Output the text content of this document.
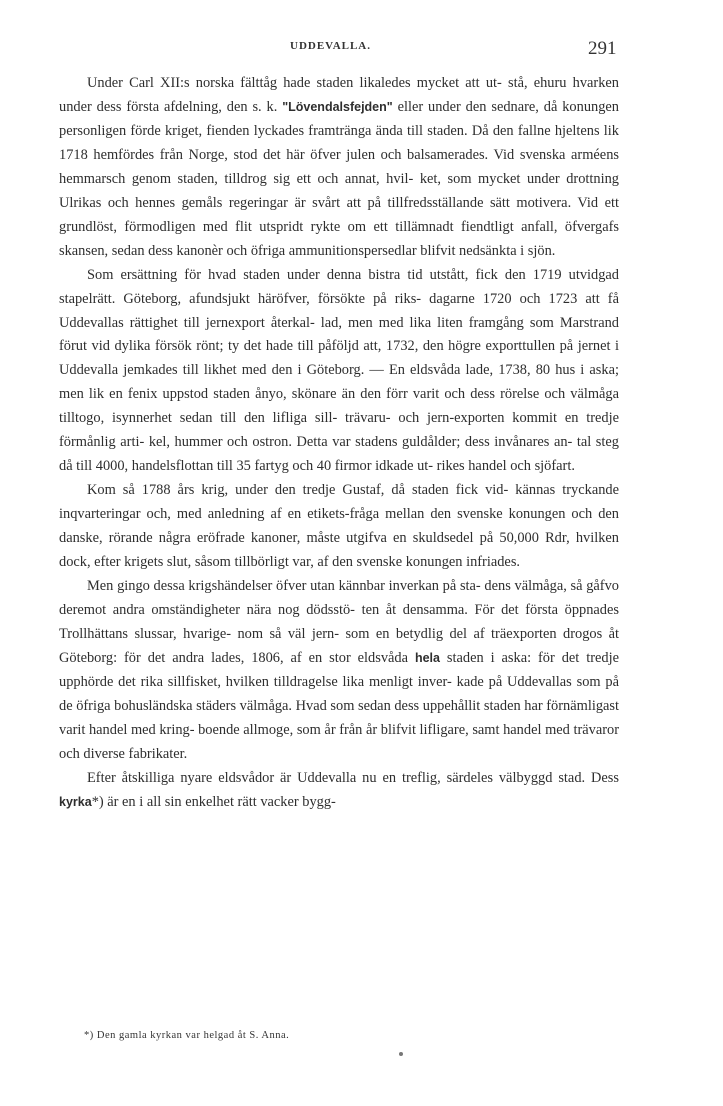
UDDEVALLA.	291

Under Carl XII:s norska fälttåg hade staden likaledes mycket att ut- stå, ehuru hvarken under dess första afdelning, den s. k. "Lövendalsfejden" eller under den sednare, då konungen personligen förde kriget, fienden lyckades framtränga ända till staden. Då den fallne hjeltens lik 1718 hemfördes från Norge, stod det här öfver julen och balsamerades. Vid svenska arméens hemmarsch genom staden, tilldrog sig ett och annat, hvil- ket, som mycket under drottning Ulrikas och hennes gemåls regeringar är svårt att på tillfredsställande sätt motivera. Vid ett grundlöst, förmodligen med flit utspridt rykte om ett tillämnadt fiendtligt anfall, öfvergafs skansen, sedan dess kanonèr och öfriga ammunitionspersedlar blifvit nedsänkta i sjön.

Som ersättning för hvad staden under denna bistra tid utstått, fick den 1719 utvidgad stapelrätt. Göteborg, afundsjukt häröfver, försökte på riks- dagarne 1720 och 1723 att få Uddevallas rättighet till jernexport återkal- lad, men med lika liten framgång som Marstrand förut vid dylika försök rönt; ty det hade till påföljd att, 1732, den högre exporttullen på jernet i Uddevalla jemkades till likhet med den i Göteborg. — En eldsvåda lade, 1738, 80 hus i aska; men lik en fenix uppstod staden ånyo, skönare än den förr varit och dess rörelse och välmåga tilltogo, isynnerhet sedan till den lifliga sill- trävaru- och jern-exporten kommit en tredje förmånlig arti- kel, hummer och ostron. Detta var stadens guldålder; dess invånares an- tal steg då till 4000, handelsflottan till 35 fartyg och 40 firmor idkade ut- rikes handel och sjöfart.

Kom så 1788 års krig, under den tredje Gustaf, då staden fick vid- kännas tryckande inqvarteringar och, med anledning af en etikets-fråga mellan den svenske konungen och den danske, rörande några eröfrade kanoner, måste utgifva en skuldsedel på 50,000 Rdr, hvilken dock, efter krigets slut, såsom tillbörligt var, af den svenske konungen infriades.

Men gingo dessa krigshändelser öfver utan kännbar inverkan på sta- dens välmåga, så gåfvo deremot andra omständigheter nära nog dödsstö- ten åt densamma. För det första öppnades Trollhättans slussar, hvarige- nom så väl jern- som en betydlig del af träexporten drogos åt Göteborg: för det andra lades, 1806, af en stor eldsvåda hela staden i aska: för det tredje upphörde det rika sillfisket, hvilken tilldragelse lika menligt inver- kade på Uddevallas som på de öfriga bohusländska städers välmåga. Hvad som sedan dess uppehållit staden har förnämligast varit handel med kring- boende allmoge, som år från år blifvit lifligare, samt handel med trävaror och diverse fabrikater.

Efter åtskilliga nyare eldsvådor är Uddevalla nu en treflig, särdeles välbyggd stad. Dess kyrka*) är en i all sin enkelhet rätt vacker bygg-

*) Den gamla kyrkan var helgad åt S. Anna.
